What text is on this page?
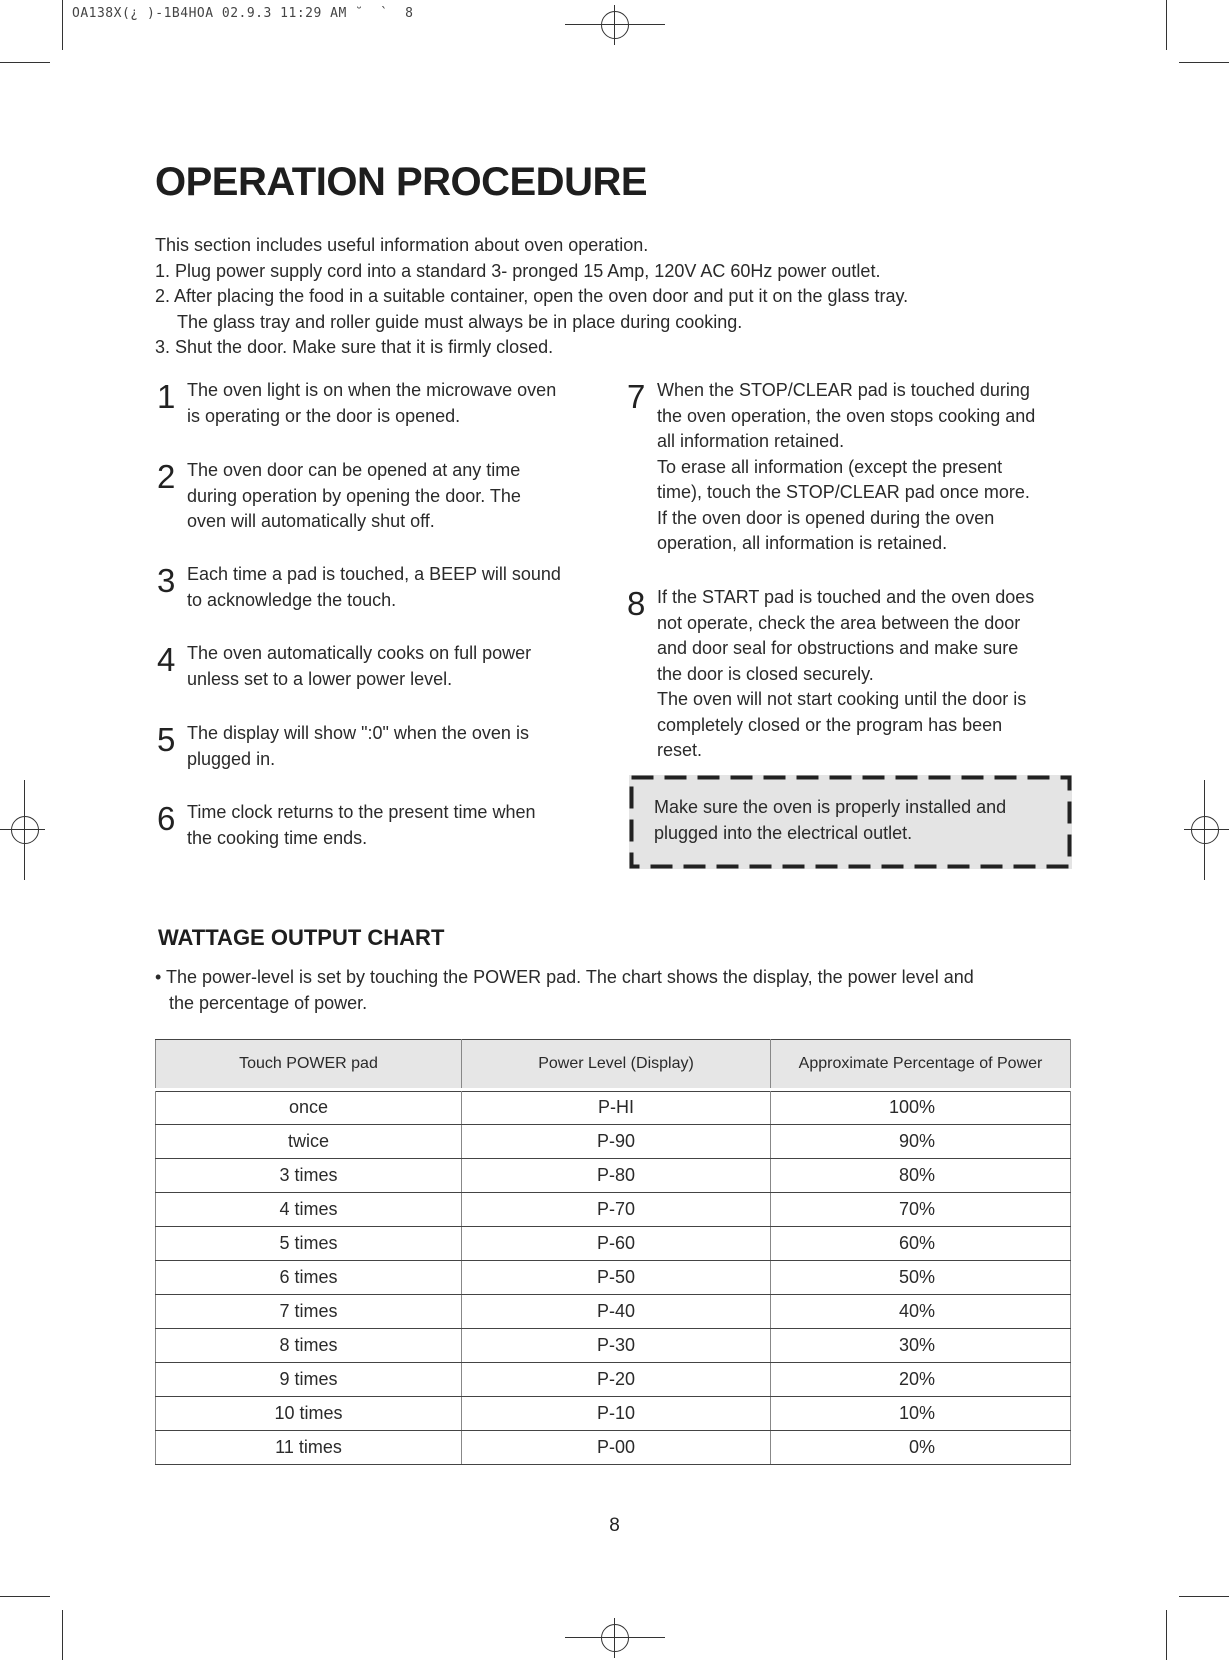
OA138X(¿ )-1B4HOA 02.9.3 11:29 AM ˘  `  8
OPERATION PROCEDURE

This section includes useful information about oven operation.

1. Plug power supply cord into a standard 3- pronged 15 Amp, 120V AC 60Hz power outlet.

2. After placing the food in a suitable container, open the oven door and put it on the glass tray.

The glass tray and roller guide must always be in place during cooking.

3. Shut the door. Make sure that it is firmly closed.

1 The oven light is on when the microwave oven

is operating or the door is opened.

2 The oven door can be opened at any time

during operation by opening the door. The

oven will automatically shut off.

3 Each time a pad is touched, a BEEP will sound

to acknowledge the touch.

4 The oven automatically cooks on full power

unless set to a lower power level.

5 The display will show ":0" when the oven is

plugged in.

6 Time clock returns to the present time when

the cooking time ends.

7 When the STOP/CLEAR pad is touched during

the oven operation, the oven stops cooking and

all information retained.

To erase all information (except the present

time), touch the STOP/CLEAR pad once more.

If the oven door is opened during the oven

operation, all information is retained.

8 If the START pad is touched and the oven does

not operate, check the area between the door

and door seal for obstructions and make sure

the door is closed securely.

The oven will not start cooking until the door is

completely closed or the program has been

reset.

Make sure the oven is properly installed and
plugged into the electrical outlet.
WATTAGE OUTPUT CHART
• The power-level is set by touching the POWER pad. The chart shows the display, the power level and
the percentage of power.
Touch POWER pad	Power Level (Display)	Approximate Percentage of Power
once	P-HI	100%
twice	P-90	90%
3 times	P-80	80%
4 times	P-70	70%
5 times	P-60	60%
6 times	P-50	50%
7 times	P-40	40%
8 times	P-30	30%
9 times	P-20	20%
10 times	P-10	10%
11 times	P-00	0%
8
